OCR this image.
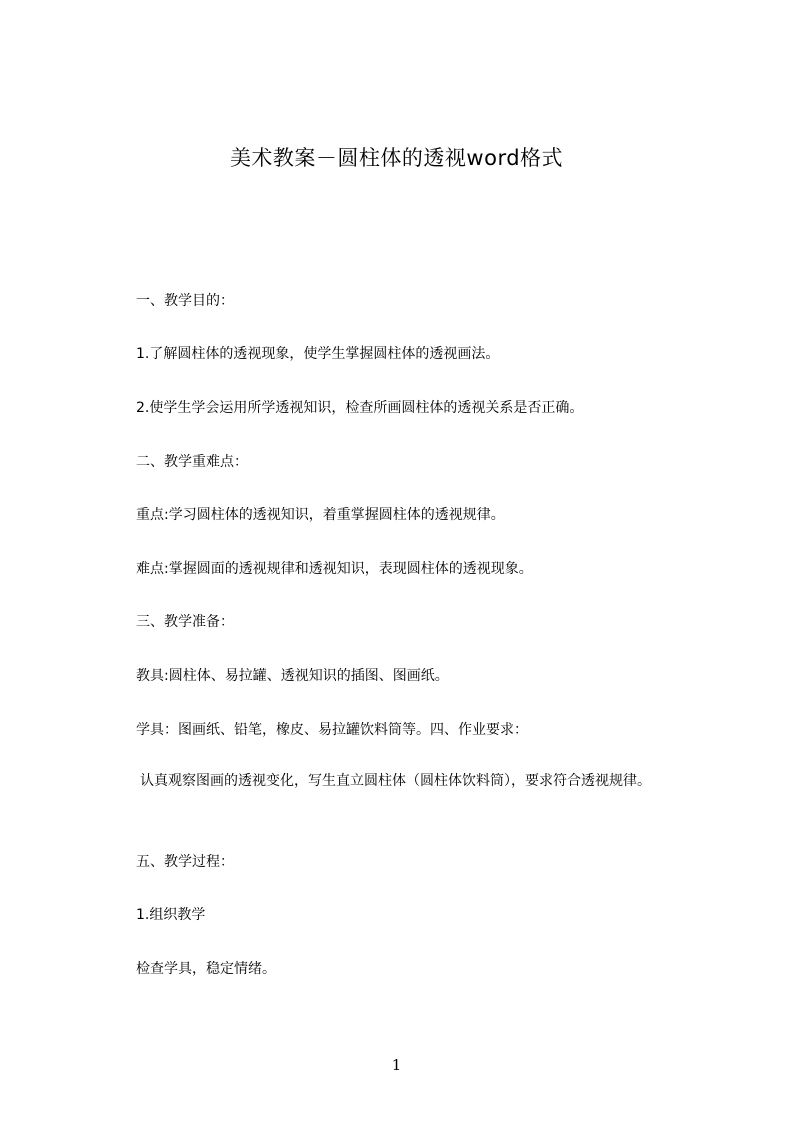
美术教案－圆柱体的透视word格式
一、教学目的：
1.了解圆柱体的透视现象，使学生掌握圆柱体的透视画法。
2.使学生学会运用所学透视知识，检查所画圆柱体的透视关系是否正确。
二、教学重难点：
重点:学习圆柱体的透视知识，着重掌握圆柱体的透视规律。
难点:掌握圆面的透视规律和透视知识，表现圆柱体的透视现象。
三、教学准备：
教具:圆柱体、易拉罐、透视知识的插图、图画纸。
学具：图画纸、铅笔，橡皮、易拉罐饮料筒等。四、作业要求：
认真观察图画的透视变化，写生直立圆柱体（圆柱体饮料筒），要求符合透视规律。
五、教学过程：
1.组织教学
检查学具，稳定情绪。
1
